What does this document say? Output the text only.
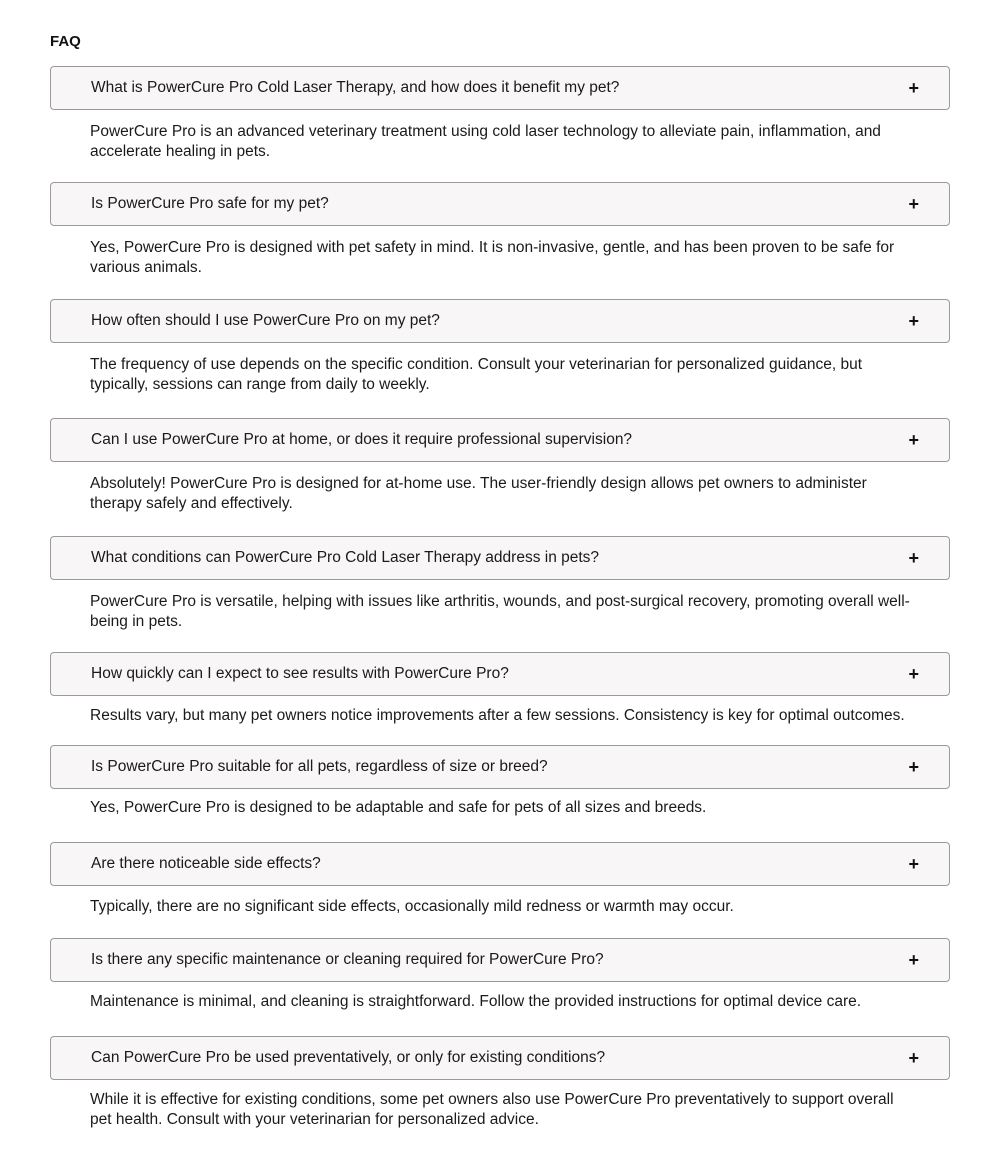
FAQ
What is PowerCure Pro Cold Laser Therapy, and how does it benefit my pet?	+

PowerCure Pro is an advanced veterinary treatment using cold laser technology to alleviate pain, inflammation, and accelerate healing in pets.

Is PowerCure Pro safe for my pet?	+

Yes, PowerCure Pro is designed with pet safety in mind. It is non-invasive, gentle, and has been proven to be safe for various animals.

How often should I use PowerCure Pro on my pet?	+

The frequency of use depends on the specific condition. Consult your veterinarian for personalized guidance, but typically, sessions can range from daily to weekly.

Can I use PowerCure Pro at home, or does it require professional supervision?	+

Absolutely! PowerCure Pro is designed for at-home use. The user-friendly design allows pet owners to administer therapy safely and effectively.

What conditions can PowerCure Pro Cold Laser Therapy address in pets?	+

PowerCure Pro is versatile, helping with issues like arthritis, wounds, and post-surgical recovery, promoting overall well-being in pets.

How quickly can I expect to see results with PowerCure Pro?	+

Results vary, but many pet owners notice improvements after a few sessions. Consistency is key for optimal outcomes.

Is PowerCure Pro suitable for all pets, regardless of size or breed?	+

Yes, PowerCure Pro is designed to be adaptable and safe for pets of all sizes and breeds.

Are there noticeable side effects?	+

Typically, there are no significant side effects, occasionally mild redness or warmth may occur.

Is there any specific maintenance or cleaning required for PowerCure Pro?	+

Maintenance is minimal, and cleaning is straightforward. Follow the provided instructions for optimal device care.

Can PowerCure Pro be used preventatively, or only for existing conditions?	+

While it is effective for existing conditions, some pet owners also use PowerCure Pro preventatively to support overall pet health. Consult with your veterinarian for personalized advice.
